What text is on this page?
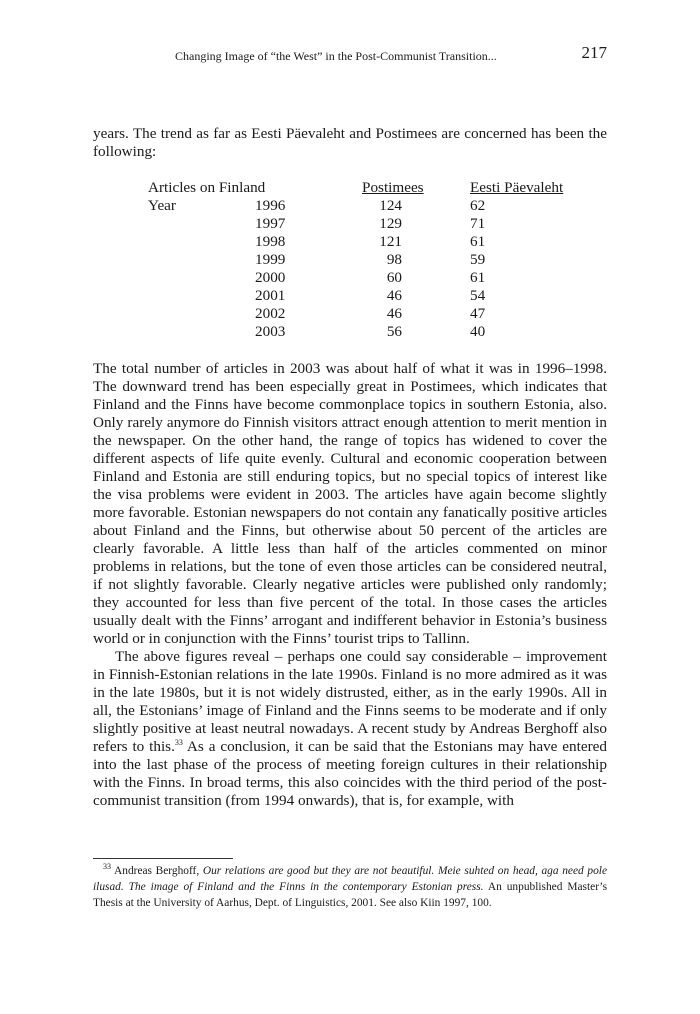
Changing Image of “the West” in the Post-Communist Transition...	217

years. The trend as far as Eesti Päevaleht and Postimees are concerned has been the following:

Articles on Finland	Postimees	Eesti Päevaleht
Year	1996	124	62
1997	129	71
1998	121	61
1999	98	59
2000	60	61
2001	46	54
2002	46	47
2003	56	40

The total number of articles in 2003 was about half of what it was in 1996–1998. The downward trend has been especially great in Postimees, which indicates that Finland and the Finns have become commonplace topics in southern Estonia, also. Only rarely anymore do Finnish visitors attract enough attention to merit mention in the newspaper. On the other hand, the range of topics has widened to cover the different aspects of life quite evenly. Cultural and economic cooperation between Finland and Estonia are still enduring topics, but no special topics of interest like the visa problems were evident in 2003. The articles have again become slightly more favorable. Estonian newspapers do not contain any fanatically positive articles about Finland and the Finns, but otherwise about 50 percent of the articles are clearly favorable. A little less than half of the articles commented on minor problems in relations, but the tone of even those articles can be considered neutral, if not slightly favorable. Clearly negative articles were published only randomly; they accounted for less than five percent of the total. In those cases the articles usually dealt with the Finns’ arrogant and indifferent behavior in Estonia’s business world or in conjunction with the Finns’ tourist trips to Tallinn.

The above figures reveal – perhaps one could say considerable – improvement in Finnish-Estonian relations in the late 1990s. Finland is no more admired as it was in the late 1980s, but it is not widely distrusted, either, as in the early 1990s. All in all, the Estonians’ image of Finland and the Finns seems to be moderate and if only slightly positive at least neutral nowadays. A recent study by Andreas Berghoff also refers to this.$^{33}$ As a conclusion, it can be said that the Estonians may have entered into the last phase of the process of meeting foreign cultures in their relationship with the Finns. In broad terms, this also coincides with the third period of the post-communist transition (from 1994 onwards), that is, for example, with

$^{33}$ Andreas Berghoff, Our relations are good but they are not beautiful. Meie suhted on head, aga need pole ilusad. The image of Finland and the Finns in the contemporary Estonian press. An unpublished Master’s Thesis at the University of Aarhus, Dept. of Linguistics, 2001. See also Kiin 1997, 100.
